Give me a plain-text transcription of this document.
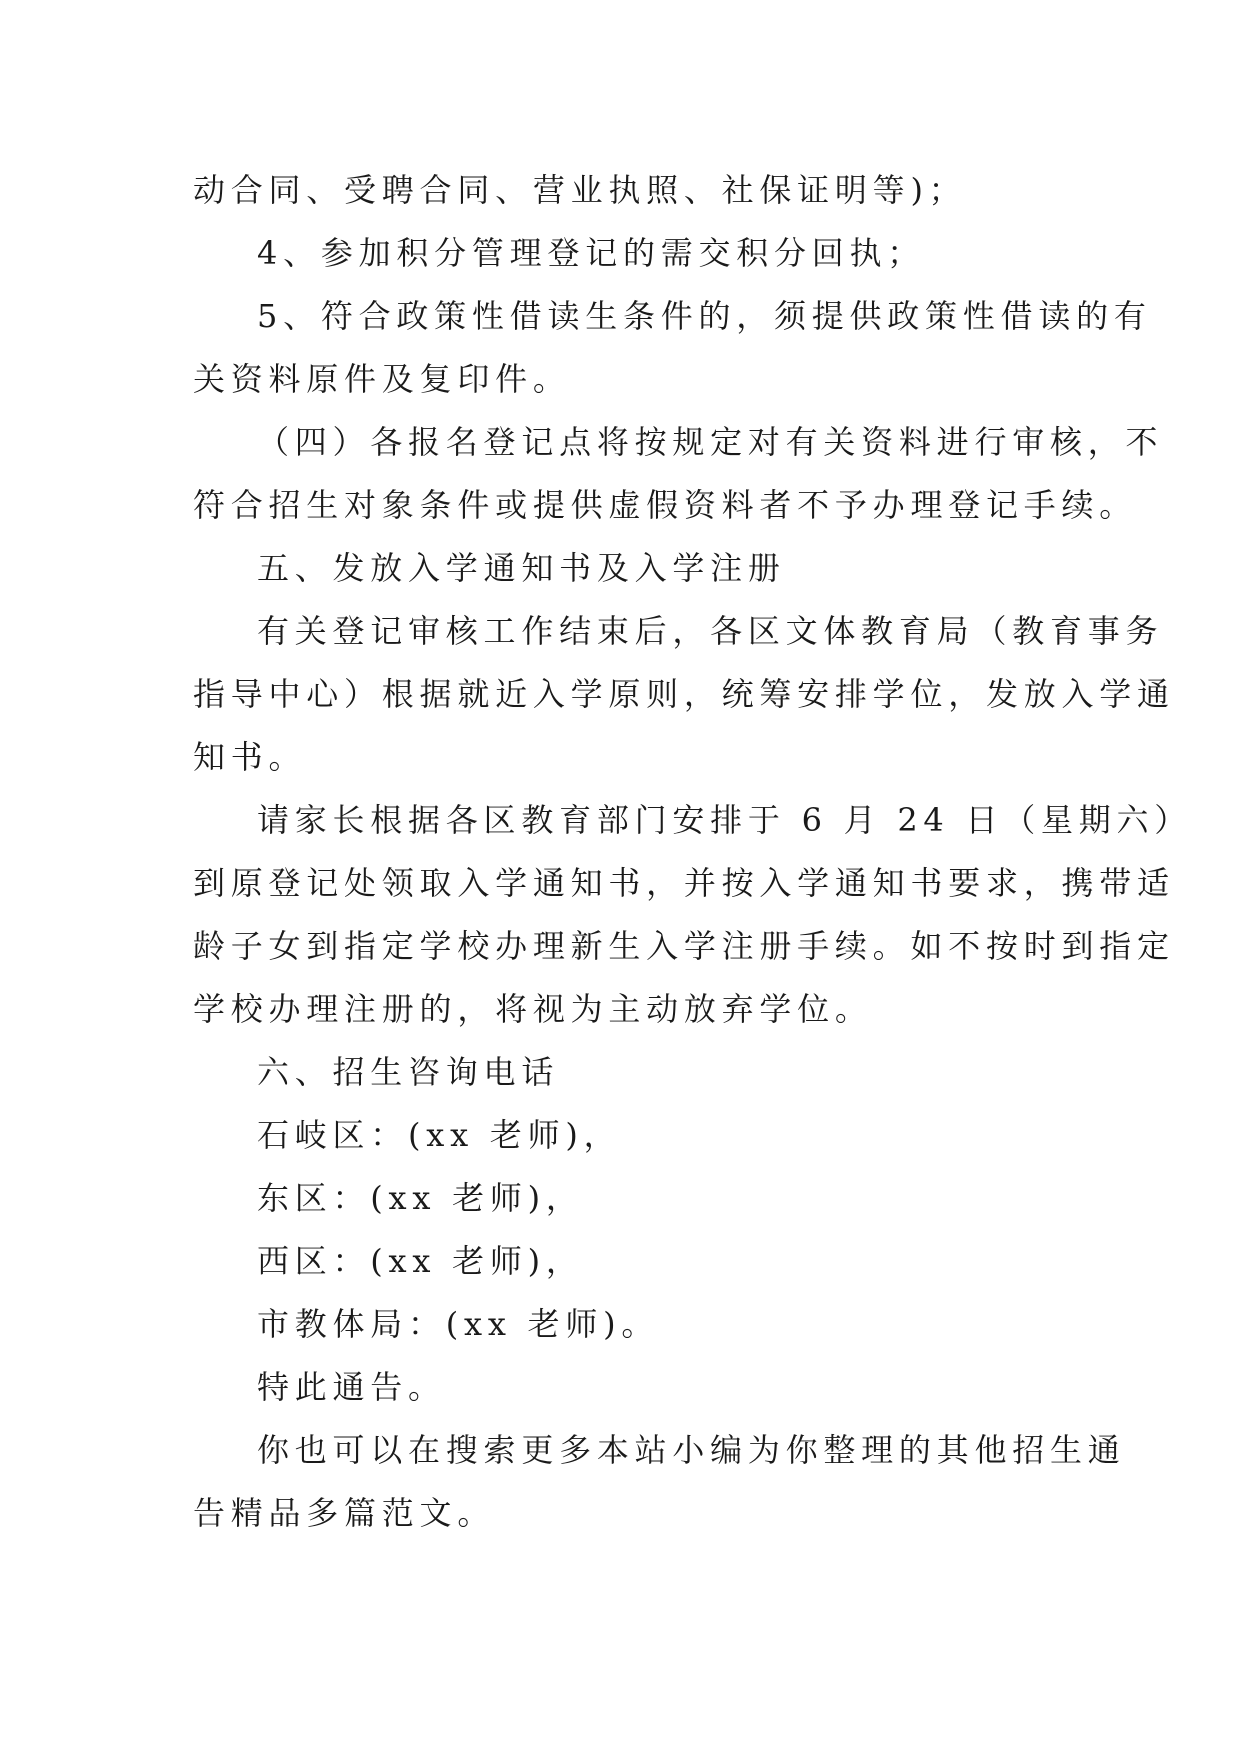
动合同、受聘合同、营业执照、社保证明等)；
4、参加积分管理登记的需交积分回执；
5、符合政策性借读生条件的，须提供政策性借读的有
关资料原件及复印件。
（四）各报名登记点将按规定对有关资料进行审核，不
符合招生对象条件或提供虚假资料者不予办理登记手续。
五、发放入学通知书及入学注册
有关登记审核工作结束后，各区文体教育局（教育事务
指导中心）根据就近入学原则，统筹安排学位，发放入学通
知书。
请家长根据各区教育部门安排于 6 月 24 日（星期六）
到原登记处领取入学通知书，并按入学通知书要求，携带适
龄子女到指定学校办理新生入学注册手续。如不按时到指定
学校办理注册的，将视为主动放弃学位。
六、招生咨询电话
石岐区：(xx 老师)，
东区：(xx 老师)，
西区：(xx 老师)，
市教体局：(xx 老师)。
特此通告。
你也可以在搜索更多本站小编为你整理的其他招生通
告精品多篇范文。
